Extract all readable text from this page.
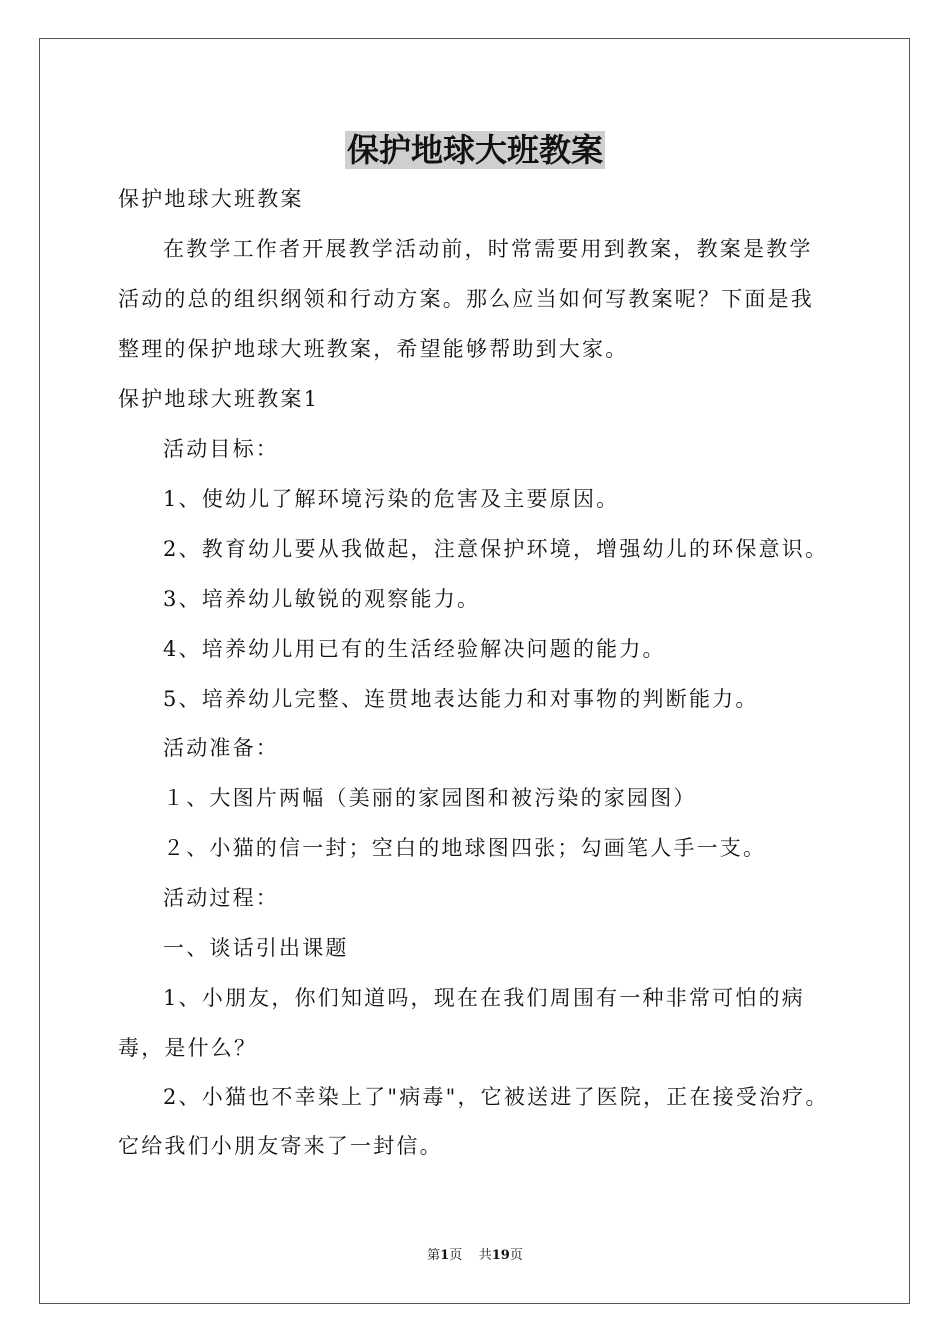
保护地球大班教案
保护地球大班教案
在教学工作者开展教学活动前，时常需要用到教案，教案是教学
活动的总的组织纲领和行动方案。那么应当如何写教案呢？下面是我
整理的保护地球大班教案，希望能够帮助到大家。
保护地球大班教案1
活动目标：
1、使幼儿了解环境污染的危害及主要原因。
2、教育幼儿要从我做起，注意保护环境，增强幼儿的环保意识。
3、培养幼儿敏锐的观察能力。
4、培养幼儿用已有的生活经验解决问题的能力。
5、培养幼儿完整、连贯地表达能力和对事物的判断能力。
活动准备：
１、大图片两幅（美丽的家园图和被污染的家园图）
２、小猫的信一封；空白的地球图四张；勾画笔人手一支。
活动过程：
一、谈话引出课题
1、小朋友，你们知道吗，现在在我们周围有一种非常可怕的病
毒，是什么？
2、小猫也不幸染上了"病毒"，它被送进了医院，正在接受治疗。
它给我们小朋友寄来了一封信。
第1页 共19页
